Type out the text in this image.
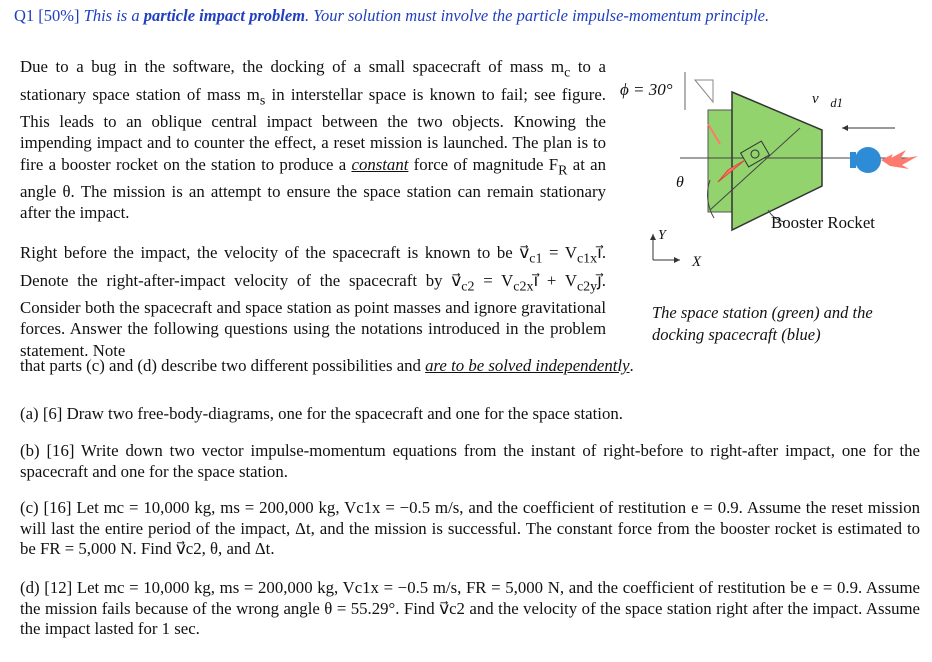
Q1 [50%] This is a particle impact problem. Your solution must involve the particle impulse-momentum principle.
Due to a bug in the software, the docking of a small spacecraft of mass $m_c$ to a stationary space station of mass $m_s$ in interstellar space is known to fail; see figure. This leads to an oblique central impact between the two objects. Knowing the impending impact and to counter the effect, a reset mission is launched. The plan is to fire a booster rocket on the station to produce a constant force of magnitude $F_R$ at an angle θ. The mission is an attempt to ensure the space station can remain stationary after the impact.
Right before the impact, the velocity of the spacecraft is known to be $v⃗_{c1}$ = $V_{c1x}ı⃗$. Denote the right-after-impact velocity of the spacecraft by $v⃗_{c2}$ = $V_{c2x}ı⃗$ + $V_{c2y}ȷ⃗$. Consider both the spacecraft and space station as point masses and ignore gravitational forces. Answer the following questions using the notations introduced in the problem statement. Note
that parts (c) and (d) describe two different possibilities and are to be solved independently.
ϕ = 30°
θ
$v⃗_{d1}$
Y
X
Booster Rocket
The space station (green) and the docking spacecraft (blue)
(a) [6] Draw two free-body-diagrams, one for the spacecraft and one for the space station.
(b) [16] Write down two vector impulse-momentum equations from the instant of right-before to right-after impact, one for the spacecraft and one for the space station.
(c) [16] Let mc = 10,000 kg, ms = 200,000 kg, Vc1x = −0.5 m/s, and the coefficient of restitution e = 0.9. Assume the reset mission will last the entire period of the impact, Δt, and the mission is successful. The constant force from the booster rocket is estimated to be FR = 5,000 N. Find v⃗c2, θ, and Δt.
(d) [12] Let mc = 10,000 kg, ms = 200,000 kg, Vc1x = −0.5 m/s, FR = 5,000 N, and the coefficient of restitution be e = 0.9. Assume the mission fails because of the wrong angle θ = 55.29°. Find v⃗c2 and the velocity of the space station right after the impact. Assume the impact lasted for 1 sec.
